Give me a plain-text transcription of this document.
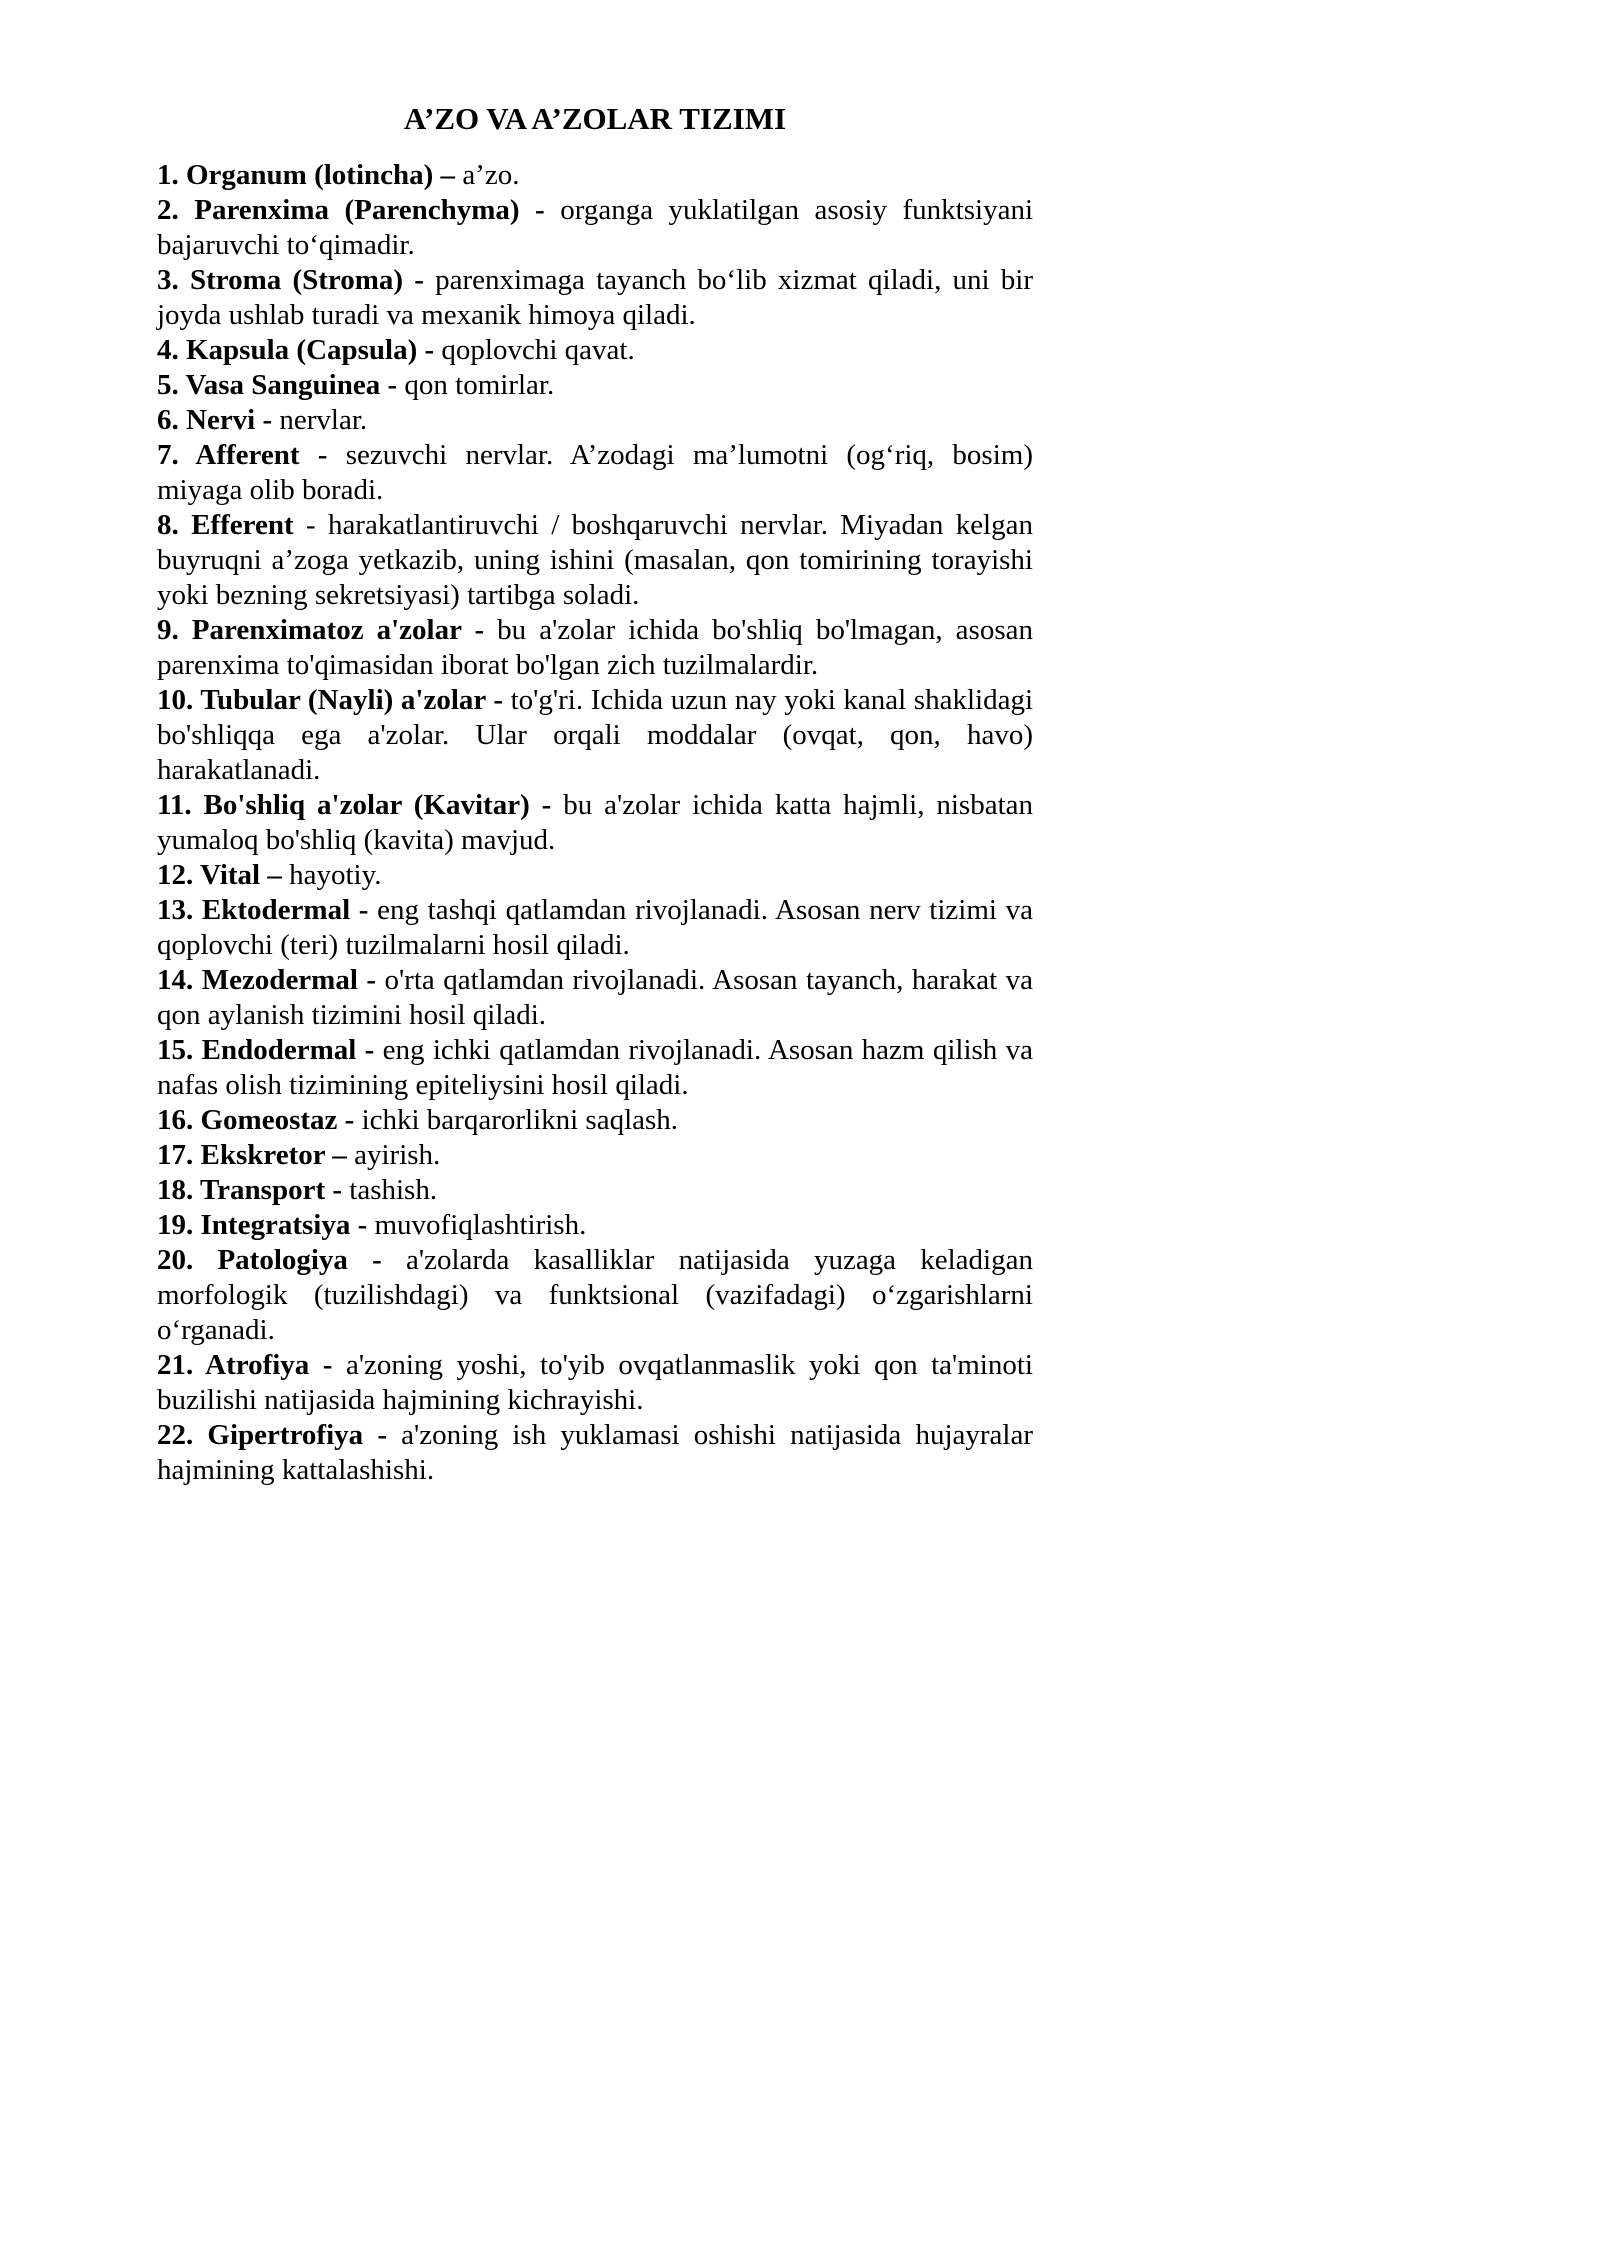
A’ZO VA A’ZOLAR TIZIMI

1. Organum (lotincha) – a’zo.

2. Parenxima (Parenchyma) - organga yuklatilgan asosiy funktsiyani bajaruvchi toʻqimadir.

3. Stroma (Stroma) - parenximaga tayanch boʻlib xizmat qiladi, uni bir joyda ushlab turadi va mexanik himoya qiladi.

4. Kapsula (Capsula) - qoplovchi qavat.

5. Vasa Sanguinea - qon tomirlar.

6. Nervi - nervlar.

7. Afferent - sezuvchi nervlar. A’zodagi ma’lumotni (ogʻriq, bosim) miyaga olib boradi.

8. Efferent - harakatlantiruvchi / boshqaruvchi nervlar. Miyadan kelgan buyruqni a’zoga yetkazib, uning ishini (masalan, qon tomirining torayishi yoki bezning sekretsiyasi) tartibga soladi.

9. Parenximatoz a'zolar - bu a'zolar ichida bo'shliq bo'lmagan, asosan parenxima to'qimasidan iborat bo'lgan zich tuzilmalardir.

10. Tubular (Nayli) a'zolar - to'g'ri. Ichida uzun nay yoki kanal shaklidagi bo'shliqqa ega a'zolar. Ular orqali moddalar (ovqat, qon, havo) harakatlanadi.

11. Bo'shliq a'zolar (Kavitar) - bu a'zolar ichida katta hajmli, nisbatan yumaloq bo'shliq (kavita) mavjud.

12. Vital – hayotiy.

13. Ektodermal - eng tashqi qatlamdan rivojlanadi. Asosan nerv tizimi va qoplovchi (teri) tuzilmalarni hosil qiladi.

14. Mezodermal - o'rta qatlamdan rivojlanadi. Asosan tayanch, harakat va qon aylanish tizimini hosil qiladi.

15. Endodermal - eng ichki qatlamdan rivojlanadi. Asosan hazm qilish va nafas olish tizimining epiteliysini hosil qiladi.

16. Gomeostaz - ichki barqarorlikni saqlash.

17. Ekskretor – ayirish.

18. Transport - tashish.

19. Integratsiya - muvofiqlashtirish.

20. Patologiya - a'zolarda kasalliklar natijasida yuzaga keladigan morfologik (tuzilishdagi) va funktsional (vazifadagi) oʻzgarishlarni oʻrganadi.

21. Atrofiya - a'zoning yoshi, to'yib ovqatlanmaslik yoki qon ta'minoti buzilishi natijasida hajmining kichrayishi.

22. Gipertrofiya - a'zoning ish yuklamasi oshishi natijasida hujayralar hajmining kattalashishi.
